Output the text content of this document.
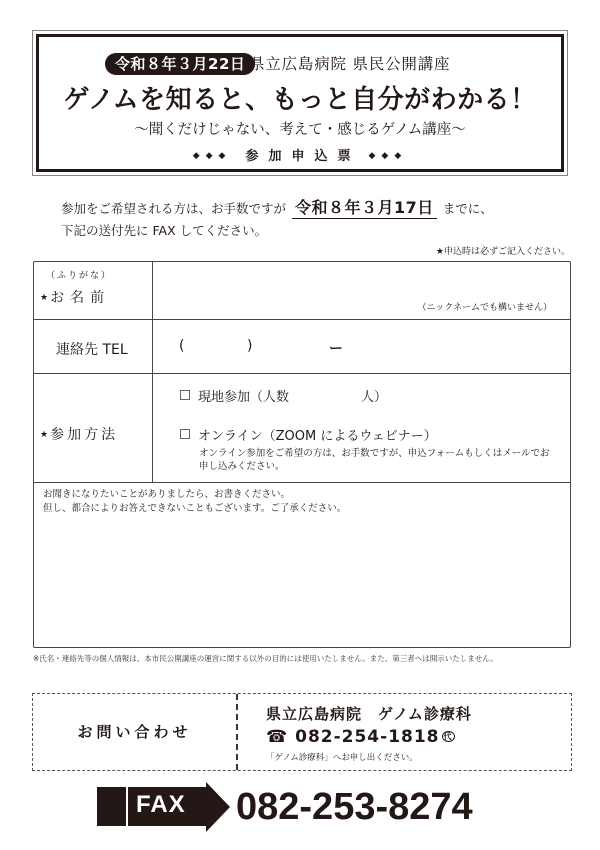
令和８年３月22日 県立広島病院 県民公開講座
ゲノムを知ると、もっと自分がわかる！
〜聞くだけじゃない、考えて・感じるゲノム講座〜
◆◆◆ 参加申込票 ◆◆◆
参加をご希望される方は、お手数ですが 令和８年３月17日 までに、
下記の送付先に FAX してください。
★申込時は必ずご記入ください。
（ふりがな）
★ お名前
（ニックネームでも構いません）
連絡先 TEL	(	)	ー
★ 参加方法
現地参加（人数	人）
オンライン（ZOOM によるウェビナー）
オンライン参加をご希望の方は、お手数ですが、申込フォームもしくはメールでお申し込みください。
お聞きになりたいことがありましたら、お書きください。
但し、都合によりお答えできないこともございます。ご了承ください。
※氏名・連絡先等の個人情報は、本市民公開講座の運営に関する以外の目的には使用いたしません。また、第三者へは開示いたしません。
お問い合わせ
県立広島病院　ゲノム診療科
☎ 082-254-1818 代
「ゲノム診療科」へお申し出ください。
FAX 082-253-8274
